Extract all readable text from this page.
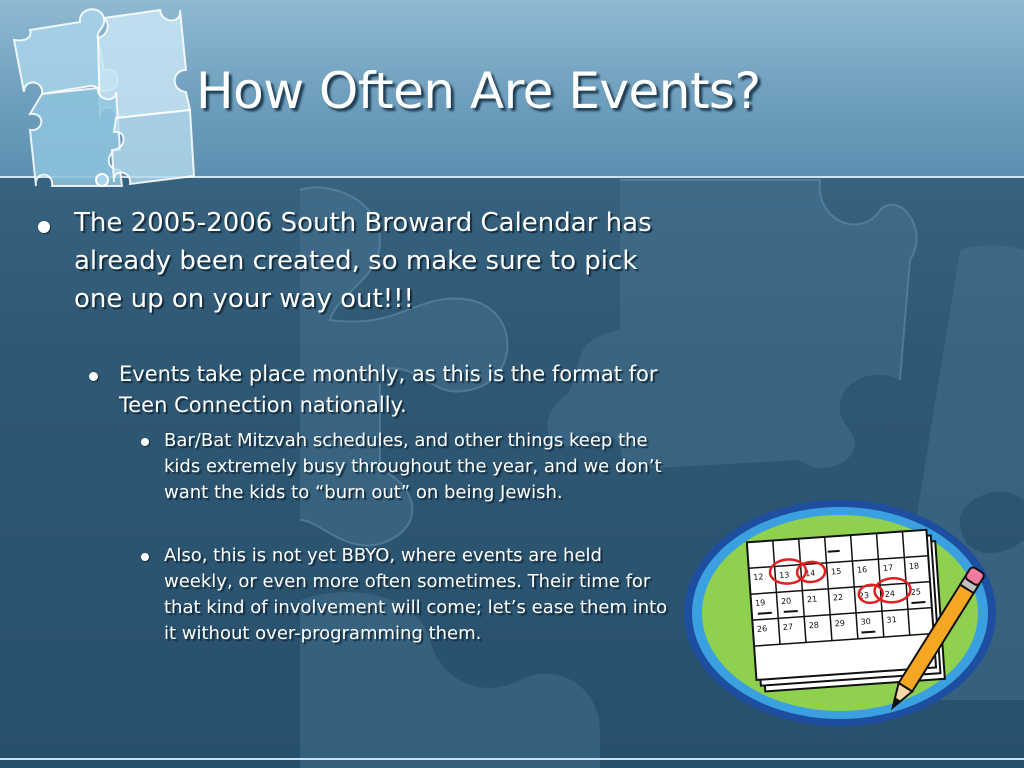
How Often Are Events?
The 2005-2006 South Broward Calendar has already been created, so make sure to pick one up on your way out!!!
Events take place monthly, as this is the format for Teen Connection nationally.
Bar/Bat Mitzvah schedules, and other things keep the kids extremely busy throughout the year, and we don’t want the kids to “burn out” on being Jewish.
Also, this is not yet BBYO, where events are held weekly, or even more often sometimes. Their time for that kind of involvement will come; let’s ease them into it without over-programming them.
12 13 14 15 16 17 18
19 20 21 22 23 24 25
26 27 28 29 30 31
